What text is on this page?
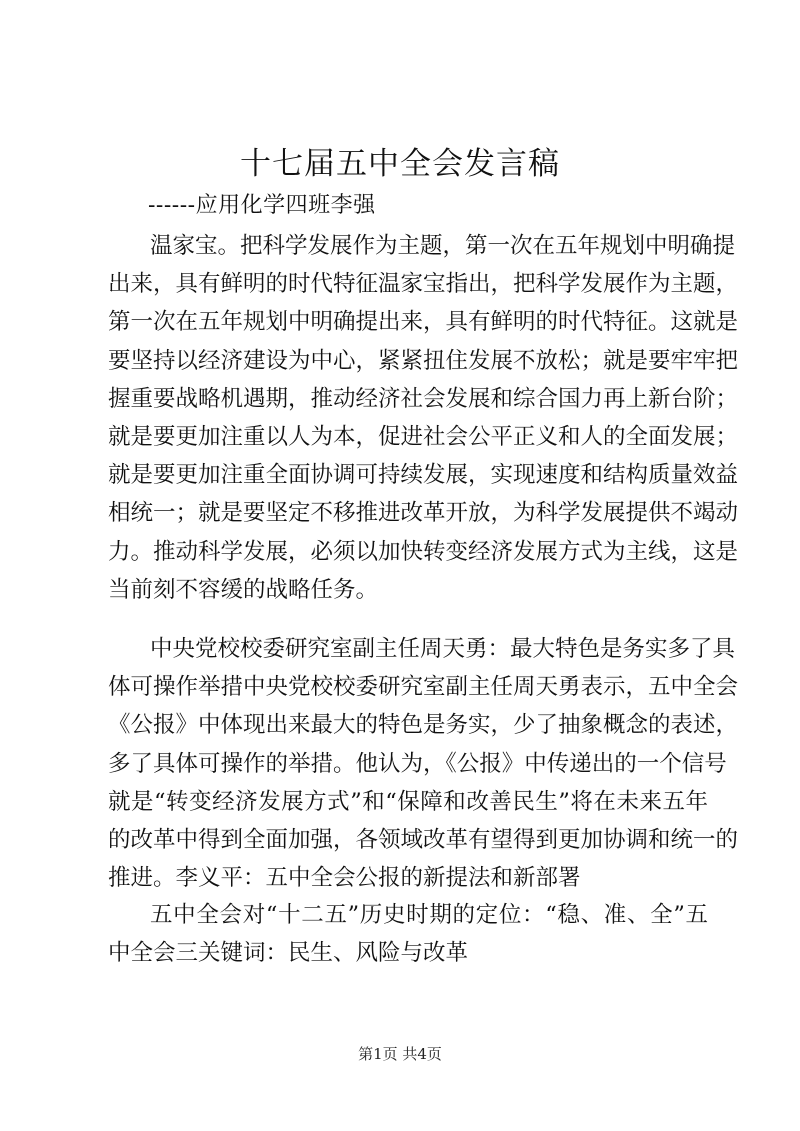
十七届五中全会发言稿
------应用化学四班李强
温家宝。把科学发展作为主题，第一次在五年规划中明确提
出来，具有鲜明的时代特征温家宝指出，把科学发展作为主题，
第一次在五年规划中明确提出来，具有鲜明的时代特征。这就是
要坚持以经济建设为中心，紧紧扭住发展不放松；就是要牢牢把
握重要战略机遇期，推动经济社会发展和综合国力再上新台阶；
就是要更加注重以人为本，促进社会公平正义和人的全面发展；
就是要更加注重全面协调可持续发展，实现速度和结构质量效益
相统一；就是要坚定不移推进改革开放，为科学发展提供不竭动
力。推动科学发展，必须以加快转变经济发展方式为主线，这是
当前刻不容缓的战略任务。
中央党校校委研究室副主任周天勇：最大特色是务实多了具
体可操作举措中央党校校委研究室副主任周天勇表示，五中全会
《公报》中体现出来最大的特色是务实，少了抽象概念的表述，
多了具体可操作的举措。他认为，《公报》中传递出的一个信号
就是“转变经济发展方式”和“保障和改善民生”将在未来五年
的改革中得到全面加强，各领域改革有望得到更加协调和统一的
推进。李义平：五中全会公报的新提法和新部署
五中全会对“十二五”历史时期的定位：“稳、准、全”五
中全会三关键词：民生、风险与改革
第1页 共4页
